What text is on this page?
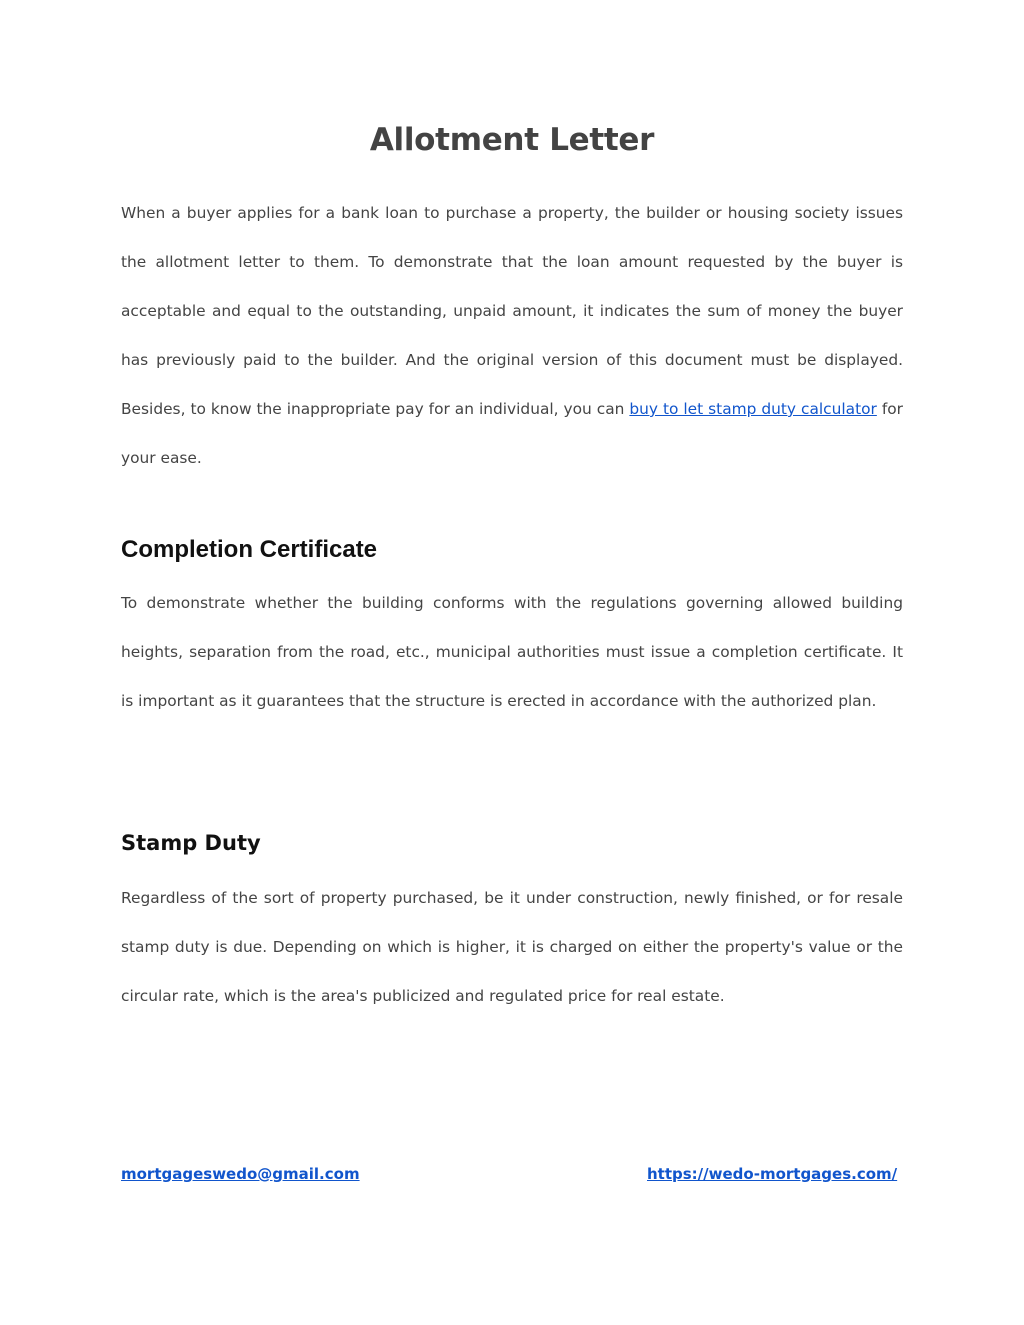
Allotment Letter

When a buyer applies for a bank loan to purchase a property, the builder or housing society issues the allotment letter to them. To demonstrate that the loan amount requested by the buyer is acceptable and equal to the outstanding, unpaid amount, it indicates the sum of money the buyer has previously paid to the builder. And the original version of this document must be displayed. Besides, to know the inappropriate pay for an individual, you can buy to let stamp duty calculator for your ease.

Completion Certificate

To demonstrate whether the building conforms with the regulations governing allowed building heights, separation from the road, etc., municipal authorities must issue a completion certificate. It is important as it guarantees that the structure is erected in accordance with the authorized plan.

Stamp Duty

Regardless of the sort of property purchased, be it under construction, newly finished, or for resale stamp duty is due. Depending on which is higher, it is charged on either the property's value or the circular rate, which is the area's publicized and regulated price for real estate.

mortgageswedo@gmail.com	https://wedo-mortgages.com/
